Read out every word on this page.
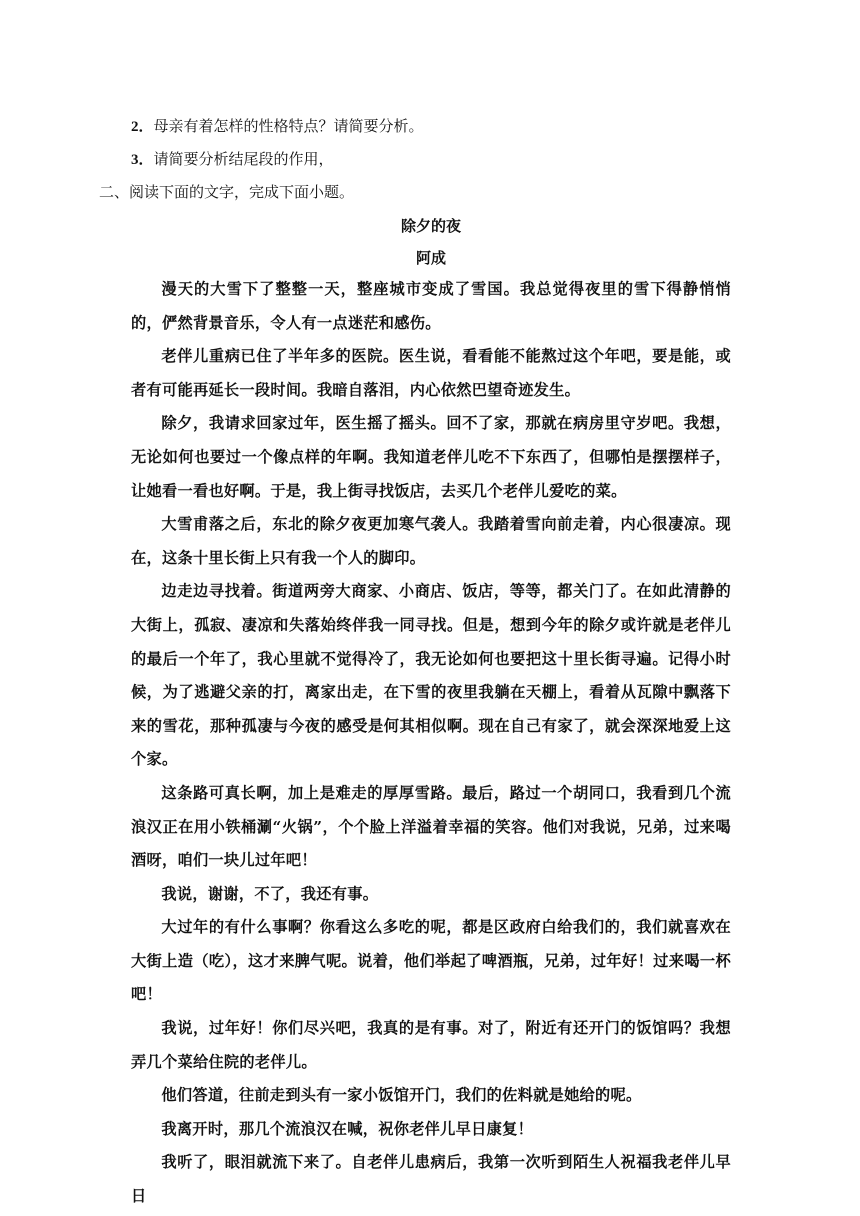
2．母亲有着怎样的性格特点？请简要分析。
3．请简要分析结尾段的作用，
二、阅读下面的文字，完成下面小题。
除夕的夜
阿成

漫天的大雪下了整整一天，整座城市变成了雪国。我总觉得夜里的雪下得静悄悄的，俨然背景音乐，令人有一点迷茫和感伤。

老伴儿重病已住了半年多的医院。医生说，看看能不能熬过这个年吧，要是能，或者有可能再延长一段时间。我暗自落泪，内心依然巴望奇迹发生。

除夕，我请求回家过年，医生摇了摇头。回不了家，那就在病房里守岁吧。我想，无论如何也要过一个像点样的年啊。我知道老伴儿吃不下东西了，但哪怕是摆摆样子，让她看一看也好啊。于是，我上街寻找饭店，去买几个老伴儿爱吃的菜。

大雪甫落之后，东北的除夕夜更加寒气袭人。我踏着雪向前走着，内心很凄凉。现在，这条十里长街上只有我一个人的脚印。

边走边寻找着。街道两旁大商家、小商店、饭店，等等，都关门了。在如此清静的大街上，孤寂、凄凉和失落始终伴我一同寻找。但是，想到今年的除夕或许就是老伴儿的最后一个年了，我心里就不觉得冷了，我无论如何也要把这十里长街寻遍。记得小时候，为了逃避父亲的打，离家出走，在下雪的夜里我躺在天棚上，看着从瓦隙中飘落下来的雪花，那种孤凄与今夜的感受是何其相似啊。现在自己有家了，就会深深地爱上这个家。

这条路可真长啊，加上是难走的厚厚雪路。最后，路过一个胡同口，我看到几个流浪汉正在用小铁桶涮“火锅”，个个脸上洋溢着幸福的笑容。他们对我说，兄弟，过来喝酒呀，咱们一块儿过年吧！

我说，谢谢，不了，我还有事。

大过年的有什么事啊？你看这么多吃的呢，都是区政府白给我们的，我们就喜欢在大街上造（吃），这才来脾气呢。说着，他们举起了啤酒瓶，兄弟，过年好！过来喝一杯吧！

我说，过年好！你们尽兴吧，我真的是有事。对了，附近有还开门的饭馆吗？我想弄几个菜给住院的老伴儿。

他们答道，往前走到头有一家小饭馆开门，我们的佐料就是她给的呢。

我离开时，那几个流浪汉在喊，祝你老伴儿早日康复！

我听了，眼泪就流下来了。自老伴儿患病后，我第一次听到陌生人祝福我老伴儿早日
